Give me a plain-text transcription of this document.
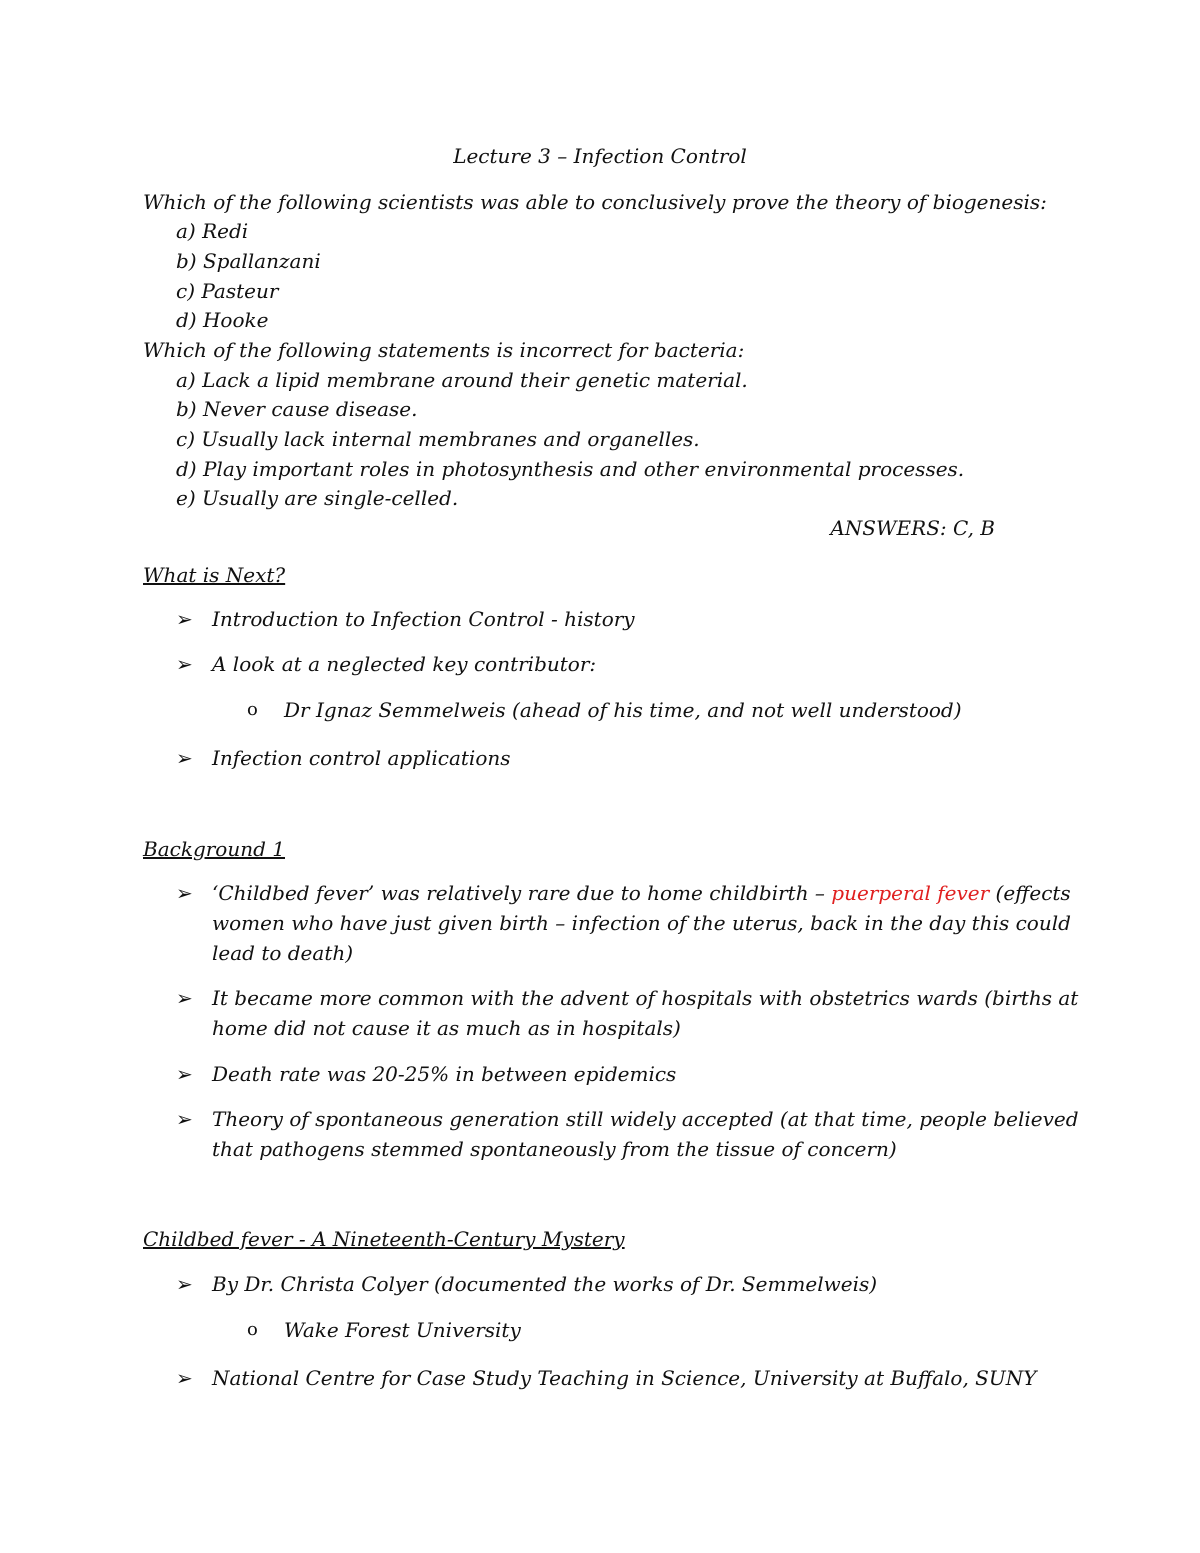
Lecture 3 – Infection Control
Which of the following scientists was able to conclusively prove the theory of biogenesis:
a) Redi
b) Spallanzani
c) Pasteur
d) Hooke
Which of the following statements is incorrect for bacteria:
a) Lack a lipid membrane around their genetic material.
b) Never cause disease.
c) Usually lack internal membranes and organelles.
d) Play important roles in photosynthesis and other environmental processes.
e) Usually are single-celled.
ANSWERS: C, B
What is Next?
➢ Introduction to Infection Control - history
➢ A look at a neglected key contributor:
o Dr Ignaz Semmelweis (ahead of his time, and not well understood)
➢ Infection control applications
Background 1
➢ ‘Childbed fever’ was relatively rare due to home childbirth – puerperal fever (effects
women who have just given birth – infection of the uterus, back in the day this could
lead to death)
➢ It became more common with the advent of hospitals with obstetrics wards (births at
home did not cause it as much as in hospitals)
➢ Death rate was 20-25% in between epidemics
➢ Theory of spontaneous generation still widely accepted (at that time, people believed
that pathogens stemmed spontaneously from the tissue of concern)
Childbed fever - A Nineteenth-Century Mystery
➢ By Dr. Christa Colyer (documented the works of Dr. Semmelweis)
o Wake Forest University
➢ National Centre for Case Study Teaching in Science, University at Buffalo, SUNY
